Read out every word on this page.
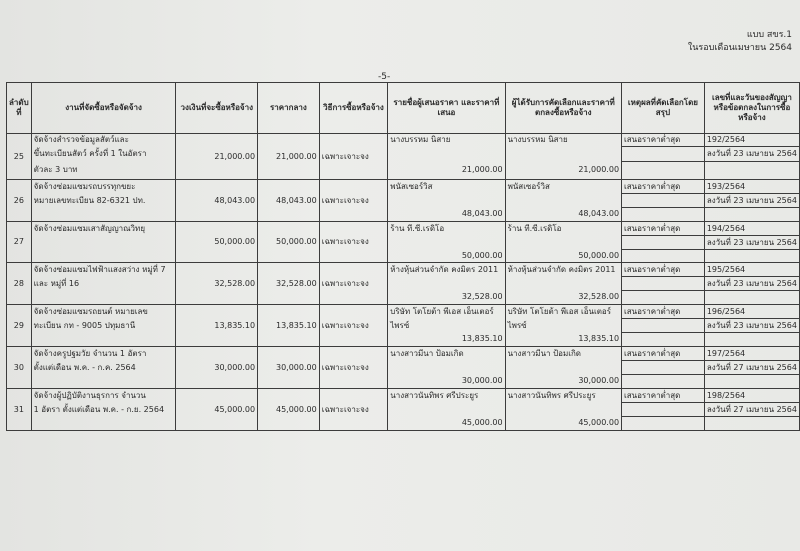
แบบ สขร.1
ในรอบเดือนเมษายน 2564
-5-
ลำดับที่	งานที่จัดซื้อหรือจัดจ้าง	วงเงินที่จะซื้อหรือจ้าง	ราคากลาง	วิธีการซื้อหรือจ้าง	รายชื่อผู้เสนอราคา และราคาที่เสนอ	ผู้ได้รับการคัดเลือกและราคาที่ตกลงซื้อหรือจ้าง	เหตุผลที่คัดเลือกโดยสรุป	เลขที่และวันของสัญญาหรือข้อตกลงในการซื้อหรือจ้าง
25	จัดจ้างสำรวจข้อมูลสัตว์และ	21,000.00	21,000.00	เฉพาะเจาะจง	นางบรรหม นิสาย	นางบรรหม นิสาย	เสนอราคาต่ำสุด	192/2564
	ขึ้นทะเบียนสัตว์ ครั้งที่ 1 ในอัตรา							ลงวันที่ 23 เมษายน 2564
	ตัวละ 3 บาท				21,000.00	21,000.00		
26	จัดจ้างซ่อมแซมรถบรรทุกขยะ	48,043.00	48,043.00	เฉพาะเจาะจง	พนัสเซอร์วิส	พนัสเซอร์วิส	เสนอราคาต่ำสุด	193/2564
	หมายเลขทะเบียน 82-6321 ปท.							ลงวันที่ 23 เมษายน 2564
					48,043.00	48,043.00		
27	จัดจ้างซ่อมแซมเสาสัญญาณวิทยุ	50,000.00	50,000.00	เฉพาะเจาะจง	ร้าน ที.ซี.เรดิโอ	ร้าน ที.ซี.เรดิโอ	เสนอราคาต่ำสุด	194/2564
								ลงวันที่ 23 เมษายน 2564
					50,000.00	50,000.00		
28	จัดจ้างซ่อมแซมไฟฟ้าแสงสว่าง หมู่ที่ 7	32,528.00	32,528.00	เฉพาะเจาะจง	ห้างหุ้นส่วนจำกัด คงมิตร 2011	ห้างหุ้นส่วนจำกัด คงมิตร 2011	เสนอราคาต่ำสุด	195/2564
	และ หมู่ที่ 16							ลงวันที่ 23 เมษายน 2564
					32,528.00	32,528.00		
29	จัดจ้างซ่อมแซมรถยนต์ หมายเลข	13,835.10	13,835.10	เฉพาะเจาะจง	บริษัท โตโยต้า พีเอส เอ็นเตอร์	บริษัท โตโยต้า พีเอส เอ็นเตอร์	เสนอราคาต่ำสุด	196/2564
	ทะเบียน กท - 9005 ปทุมธานี				ไพรซ์	ไพรซ์		ลงวันที่ 23 เมษายน 2564
					13,835.10	13,835.10		
30	จัดจ้างครูปฐมวัย จำนวน 1 อัตรา	30,000.00	30,000.00	เฉพาะเจาะจง	นางสาวมีนา ป้อมเกิด	นางสาวมีนา ป้อมเกิด	เสนอราคาต่ำสุด	197/2564
	ตั้งแต่เดือน พ.ค. - ก.ค. 2564							ลงวันที่ 27 เมษายน 2564
					30,000.00	30,000.00		
31	จัดจ้างผู้ปฏิบัติงานธุรการ จำนวน	45,000.00	45,000.00	เฉพาะเจาะจง	นางสาวนันทิพร ศรีประยูร	นางสาวนันทิพร ศรีประยูร	เสนอราคาต่ำสุด	198/2564
	1 อัตรา ตั้งแต่เดือน พ.ค. - ก.ย. 2564							ลงวันที่ 27 เมษายน 2564
					45,000.00	45,000.00		
